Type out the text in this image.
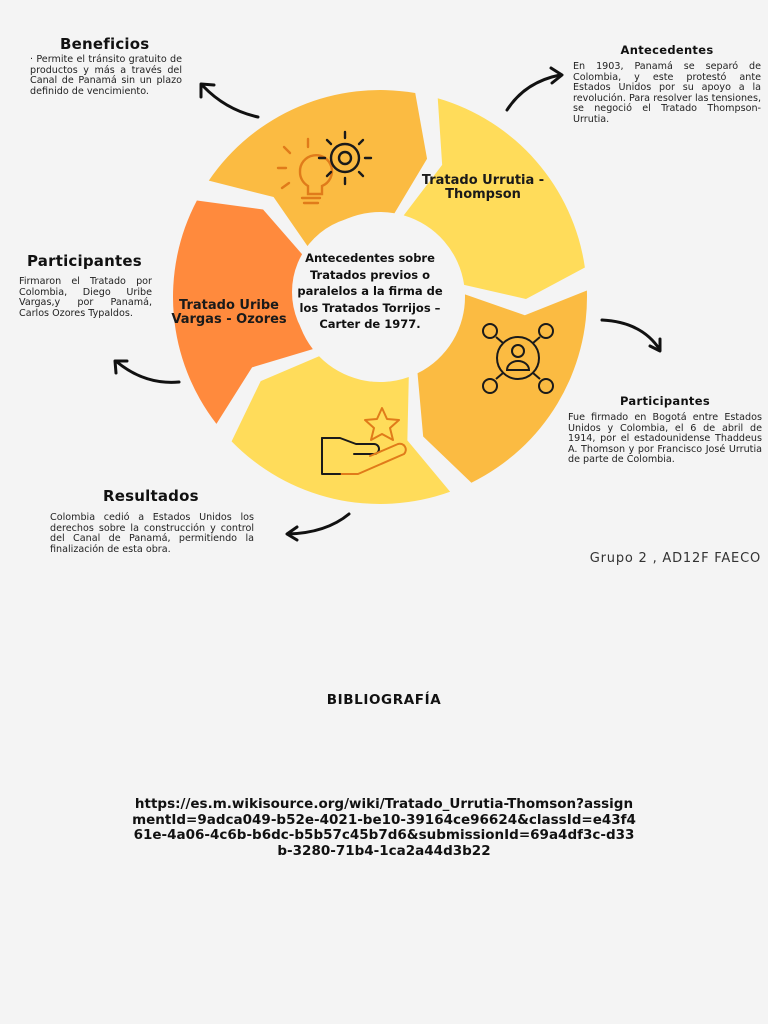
Tratado Urrutia - Thompson
Tratado Uribe Vargas - Ozores
Antecedentes sobre Tratados previos o paralelos a la firma de los Tratados Torrijos – Carter de 1977.
Beneficios
· Permite el tránsito gratuito de productos y más a través del Canal de Panamá sin un plazo definido de vencimiento.
Antecedentes
En 1903, Panamá se separó de Colombia, y este protestó ante Estados Unidos por su apoyo a la revolución. Para resolver las tensiones, se negoció el Tratado Thompson-Urrutia.
Participantes
Firmaron el Tratado por Colombia, Diego Uribe Vargas,y por Panamá, Carlos Ozores Typaldos.
Participantes
Fue firmado en Bogotá entre Estados Unidos y Colombia, el 6 de abril de 1914, por el estadounidense Thaddeus A. Thomson y por Francisco José Urrutia de parte de Colombia.
Resultados
Colombia cedió a Estados Unidos los derechos sobre la construcción y control del Canal de Panamá, permitiendo la finalización de esta obra.
Grupo 2 , AD12F FAECO
BIBLIOGRAFÍA
https://es.m.wikisource.org/wiki/Tratado_Urrutia-Thomson?assignmentId=9adca049-b52e-4021-be10-39164ce96624&classId=e43f461e-4a06-4c6b-b6dc-b5b57c45b7d6&submissionId=69a4df3c-d33b-3280-71b4-1ca2a44d3b22
